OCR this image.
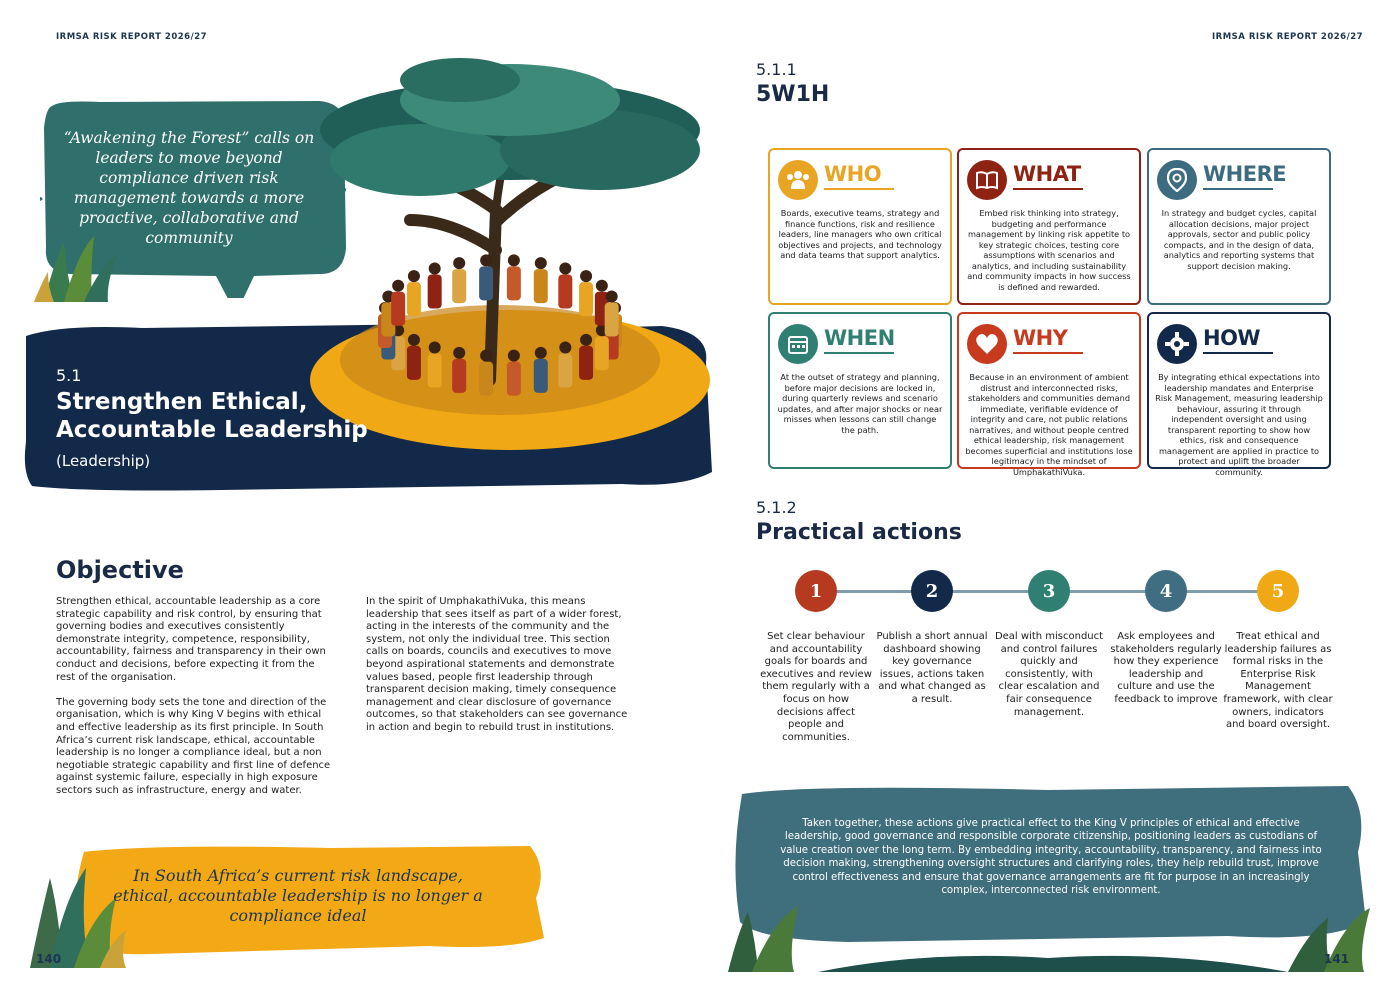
IRMSA RISK REPORT 2026/27
“Awakening the Forest” calls on leaders to move beyond compliance driven risk management towards a more proactive, collaborative and community
5.1
Strengthen Ethical,
Accountable Leadership
(Leadership)
Objective

Strengthen ethical, accountable leadership as a core strategic capability and risk control, by ensuring that governing bodies and executives consistently demonstrate integrity, competence, responsibility, accountability, fairness and transparency in their own conduct and decisions, before expecting it from the rest of the organisation.

The governing body sets the tone and direction of the organisation, which is why King V begins with ethical and effective leadership as its first principle. In South Africa’s current risk landscape, ethical, accountable leadership is no longer a compliance ideal, but a non negotiable strategic capability and first line of defence against systemic failure, especially in high exposure sectors such as infrastructure, energy and water.

In the spirit of UmphakathiVuka, this means leadership that sees itself as part of a wider forest, acting in the interests of the community and the system, not only the individual tree. This section calls on boards, councils and executives to move beyond aspirational statements and demonstrate values based, people first leadership through transparent decision making, timely consequence management and clear disclosure of governance outcomes, so that stakeholders can see governance in action and begin to rebuild trust in institutions.

In South Africa’s current risk landscape, ethical, accountable leadership is no longer a compliance ideal
140
IRMSA RISK REPORT 2026/27
5.1.1
5W1H
WHO
Boards, executive teams, strategy and finance functions, risk and resilience leaders, line managers who own critical objectives and projects, and technology and data teams that support analytics.
WHAT
Embed risk thinking into strategy, budgeting and performance management by linking risk appetite to key strategic choices, testing core assumptions with scenarios and analytics, and including sustainability and community impacts in how success is defined and rewarded.
WHERE
In strategy and budget cycles, capital allocation decisions, major project approvals, sector and public policy compacts, and in the design of data, analytics and reporting systems that support decision making.
WHEN
At the outset of strategy and planning, before major decisions are locked in, during quarterly reviews and scenario updates, and after major shocks or near misses when lessons can still change the path.
WHY
Because in an environment of ambient distrust and interconnected risks, stakeholders and communities demand immediate, verifiable evidence of integrity and care, not public relations narratives, and without people centred ethical leadership, risk management becomes superficial and institutions lose legitimacy in the mindset of UmphakathiVuka.
HOW
By integrating ethical expectations into leadership mandates and Enterprise Risk Management, measuring leadership behaviour, assuring it through independent oversight and using transparent reporting to show how ethics, risk and consequence management are applied in practice to protect and uplift the broader community.
5.1.2
Practical actions
1
Set clear behaviour and accountability goals for boards and executives and review them regularly with a focus on how decisions affect people and communities.
2
Publish a short annual dashboard showing key governance issues, actions taken and what changed as a result.
3
Deal with misconduct and control failures quickly and consistently, with clear escalation and fair consequence management.
4
Ask employees and stakeholders regularly how they experience leadership and culture and use the feedback to improve
5
Treat ethical and leadership failures as formal risks in the Enterprise Risk Management framework, with clear owners, indicators and board oversight.
Taken together, these actions give practical effect to the King V principles of ethical and effective leadership, good governance and responsible corporate citizenship, positioning leaders as custodians of value creation over the long term. By embedding integrity, accountability, transparency, and fairness into decision making, strengthening oversight structures and clarifying roles, they help rebuild trust, improve control effectiveness and ensure that governance arrangements are fit for purpose in an increasingly complex, interconnected risk environment.
141
